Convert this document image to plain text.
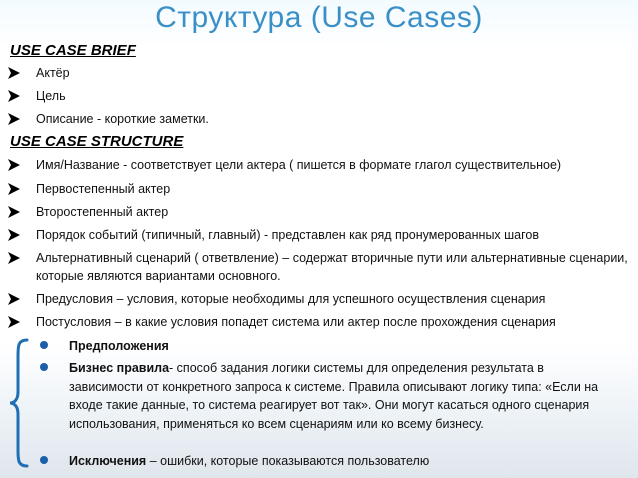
Структура (Use Cases)
USE CASE BRIEF
Актёр
Цель
Описание - короткие заметки.
USE CASE STRUCTURE
Имя/Название - соответствует цели актера ( пишется в формате глагол существительное)
Первостепенный актер
Второстепенный актер
Порядок событий (типичный, главный) - представлен как ряд пронумерованных шагов
Альтернативный сценарий ( ответвление) – содержат вторичные пути или альтернативные сценарии, которые являются вариантами основного.
Предусловия – условия, которые необходимы для успешного осуществления сценария
Постусловия – в какие условия попадет система или актер после прохождения сценария
Предположения
Бизнес правила- способ задания логики системы для определения результата в зависимости от конкретного запроса к системе. Правила описывают логику типа: «Если на входе такие данные, то система реагирует вот так». Они могут касаться одного сценария использования, применяться ко всем сценариям или ко всему бизнесу.
Исключения – ошибки, которые показываются пользователю
